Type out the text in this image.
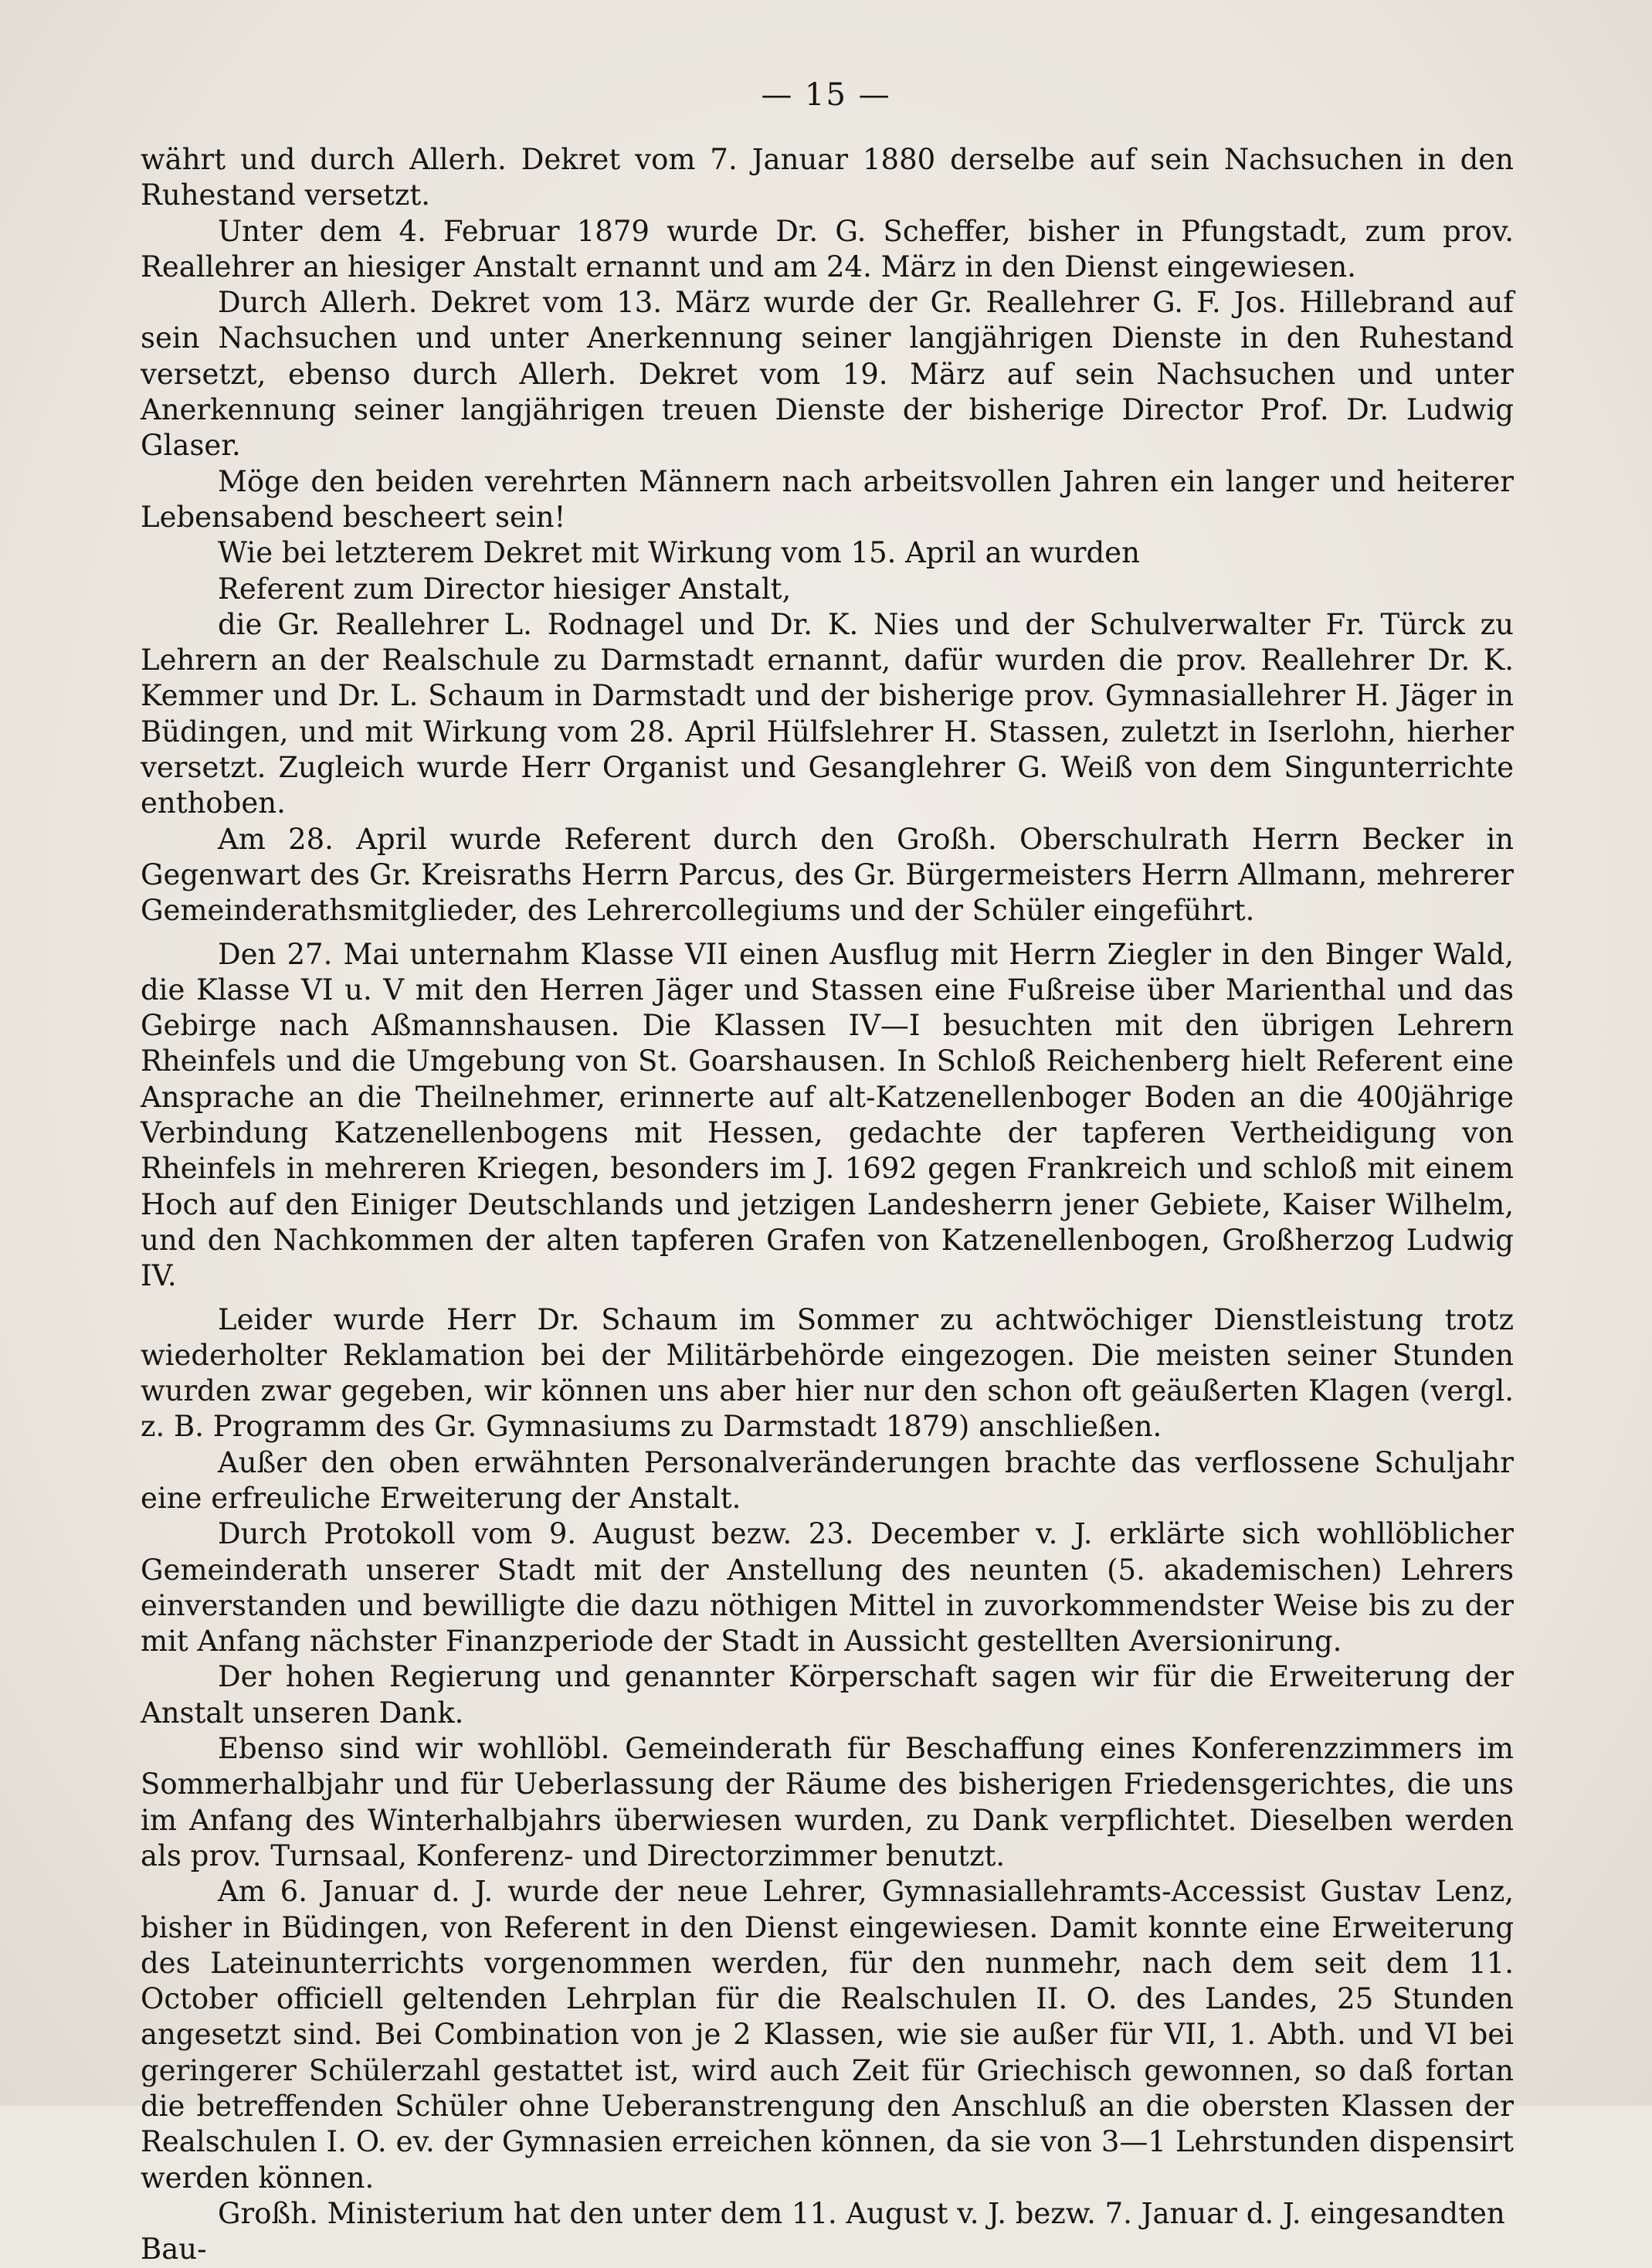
— 15 —

währt und durch Allerh. Dekret vom 7. Januar 1880 derselbe auf sein Nachsuchen in den Ruhestand versetzt.

Unter dem 4. Februar 1879 wurde Dr. G. Scheffer, bisher in Pfungstadt, zum prov. Reallehrer an hiesiger Anstalt ernannt und am 24. März in den Dienst eingewiesen.

Durch Allerh. Dekret vom 13. März wurde der Gr. Reallehrer G. F. Jos. Hillebrand auf sein Nachsuchen und unter Anerkennung seiner langjährigen Dienste in den Ruhestand versetzt, ebenso durch Allerh. Dekret vom 19. März auf sein Nachsuchen und unter Anerkennung seiner langjährigen treuen Dienste der bisherige Director Prof. Dr. Ludwig Glaser.

Möge den beiden verehrten Männern nach arbeitsvollen Jahren ein langer und heiterer Lebensabend bescheert sein!

Wie bei letzterem Dekret mit Wirkung vom 15. April an wurden

Referent zum Director hiesiger Anstalt,

die Gr. Reallehrer L. Rodnagel und Dr. K. Nies und der Schulverwalter Fr. Türck zu Lehrern an der Realschule zu Darmstadt ernannt, dafür wurden die prov. Reallehrer Dr. K. Kemmer und Dr. L. Schaum in Darmstadt und der bisherige prov. Gymnasiallehrer H. Jäger in Büdingen, und mit Wirkung vom 28. April Hülfslehrer H. Stassen, zuletzt in Iserlohn, hierher versetzt. Zugleich wurde Herr Organist und Gesanglehrer G. Weiß von dem Singunterrichte enthoben.

Am 28. April wurde Referent durch den Großh. Oberschulrath Herrn Becker in Gegenwart des Gr. Kreisraths Herrn Parcus, des Gr. Bürgermeisters Herrn Allmann, mehrerer Gemeinderathsmitglieder, des Lehrercollegiums und der Schüler eingeführt.

Den 27. Mai unternahm Klasse VII einen Ausflug mit Herrn Ziegler in den Binger Wald, die Klasse VI u. V mit den Herren Jäger und Stassen eine Fußreise über Marienthal und das Gebirge nach Aßmannshausen. Die Klassen IV—I besuchten mit den übrigen Lehrern Rheinfels und die Umgebung von St. Goarshausen. In Schloß Reichenberg hielt Referent eine Ansprache an die Theilnehmer, erinnerte auf alt-Katzenellenboger Boden an die 400jährige Verbindung Katzenellenbogens mit Hessen, gedachte der tapferen Vertheidigung von Rheinfels in mehreren Kriegen, besonders im J. 1692 gegen Frankreich und schloß mit einem Hoch auf den Einiger Deutschlands und jetzigen Landesherrn jener Gebiete, Kaiser Wilhelm, und den Nachkommen der alten tapferen Grafen von Katzenellenbogen, Großherzog Ludwig IV.

Leider wurde Herr Dr. Schaum im Sommer zu achtwöchiger Dienstleistung trotz wiederholter Reklamation bei der Militärbehörde eingezogen. Die meisten seiner Stunden wurden zwar gegeben, wir können uns aber hier nur den schon oft geäußerten Klagen (vergl. z. B. Programm des Gr. Gymnasiums zu Darmstadt 1879) anschließen.

Außer den oben erwähnten Personalveränderungen brachte das verflossene Schuljahr eine erfreuliche Erweiterung der Anstalt.

Durch Protokoll vom 9. August bezw. 23. December v. J. erklärte sich wohllöblicher Gemeinderath unserer Stadt mit der Anstellung des neunten (5. akademischen) Lehrers einverstanden und bewilligte die dazu nöthigen Mittel in zuvorkommendster Weise bis zu der mit Anfang nächster Finanzperiode der Stadt in Aussicht gestellten Aversionirung.

Der hohen Regierung und genannter Körperschaft sagen wir für die Erweiterung der Anstalt unseren Dank.

Ebenso sind wir wohllöbl. Gemeinderath für Beschaffung eines Konferenzzimmers im Sommerhalbjahr und für Ueberlassung der Räume des bisherigen Friedensgerichtes, die uns im Anfang des Winterhalbjahrs überwiesen wurden, zu Dank verpflichtet. Dieselben werden als prov. Turnsaal, Konferenz- und Directorzimmer benutzt.

Am 6. Januar d. J. wurde der neue Lehrer, Gymnasiallehramts-Accessist Gustav Lenz, bisher in Büdingen, von Referent in den Dienst eingewiesen. Damit konnte eine Erweiterung des Lateinunterrichts vorgenommen werden, für den nunmehr, nach dem seit dem 11. October officiell geltenden Lehrplan für die Realschulen II. O. des Landes, 25 Stunden angesetzt sind. Bei Combination von je 2 Klassen, wie sie außer für VII, 1. Abth. und VI bei geringerer Schülerzahl gestattet ist, wird auch Zeit für Griechisch gewonnen, so daß fortan die betreffenden Schüler ohne Ueberanstrengung den Anschluß an die obersten Klassen der Realschulen I. O. ev. der Gymnasien erreichen können, da sie von 3—1 Lehrstunden dispensirt werden können.

Großh. Ministerium hat den unter dem 11. August v. J. bezw. 7. Januar d. J. eingesandten Bau-
